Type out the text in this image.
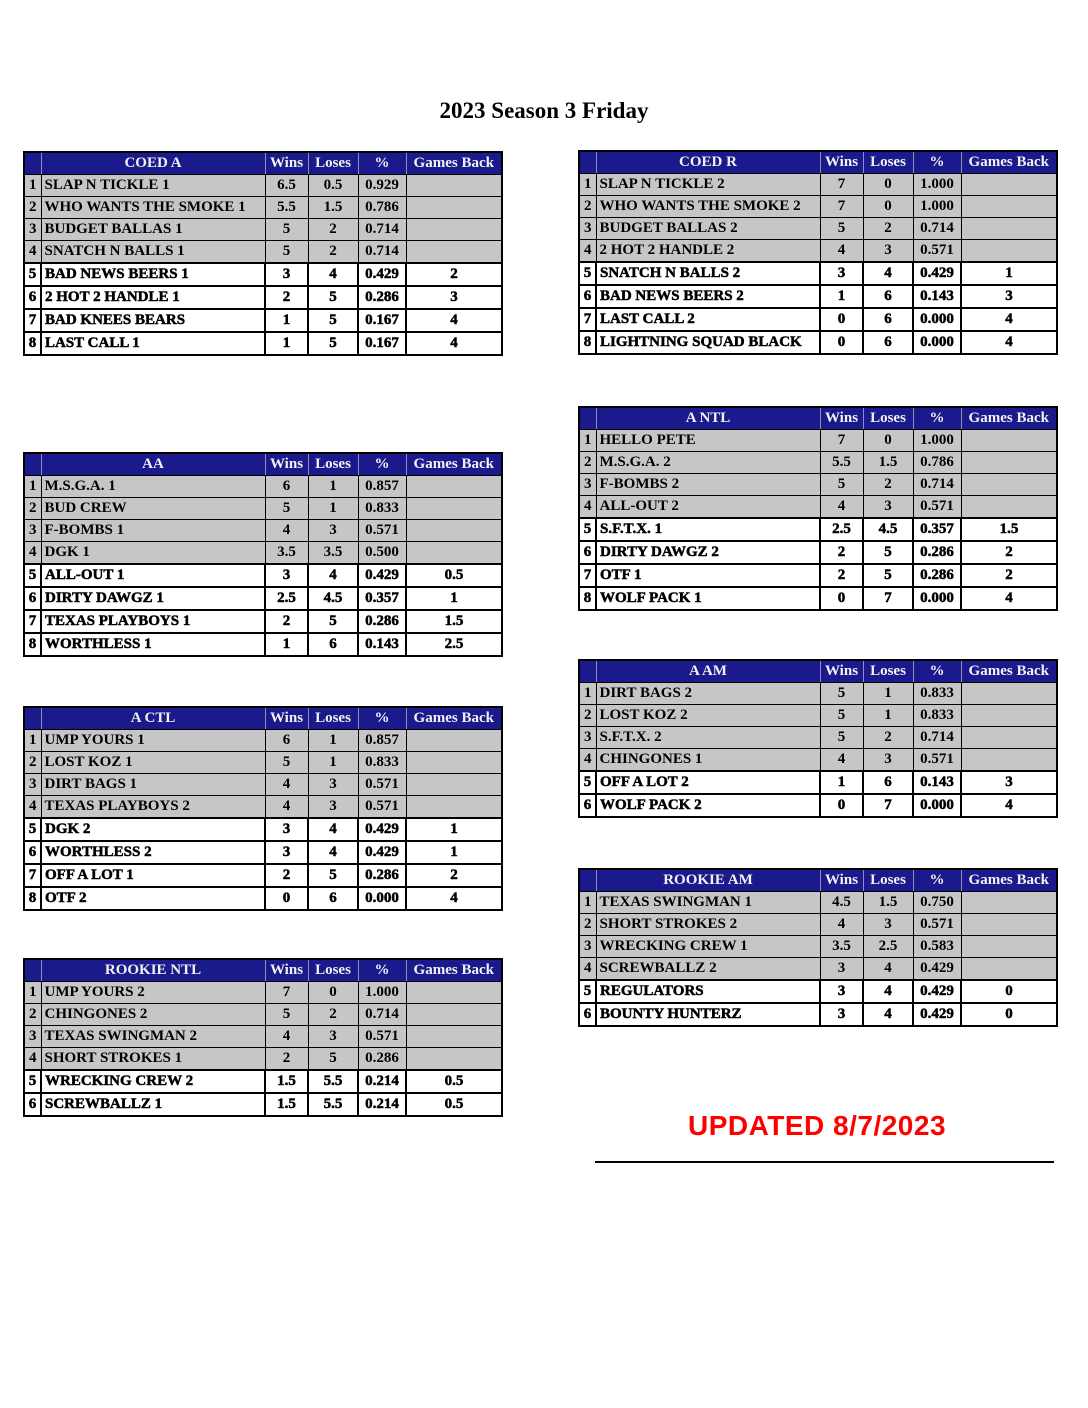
2023 Season 3 Friday
	COED A	Wins	Loses	%	Games Back
1	SLAP N TICKLE 1	6.5	0.5	0.929	
2	WHO WANTS THE SMOKE 1	5.5	1.5	0.786	
3	BUDGET BALLAS 1	5	2	0.714	
4	SNATCH N BALLS 1	5	2	0.714	
5	BAD NEWS BEERS 1	3	4	0.429	2
6	2 HOT 2 HANDLE 1	2	5	0.286	3
7	BAD KNEES BEARS	1	5	0.167	4
8	LAST CALL 1	1	5	0.167	4
	COED R	Wins	Loses	%	Games Back
1	SLAP N TICKLE 2	7	0	1.000	
2	WHO WANTS THE SMOKE 2	7	0	1.000	
3	BUDGET BALLAS 2	5	2	0.714	
4	2 HOT 2 HANDLE 2	4	3	0.571	
5	SNATCH N BALLS 2	3	4	0.429	1
6	BAD NEWS BEERS 2	1	6	0.143	3
7	LAST CALL 2	0	6	0.000	4
8	LIGHTNING SQUAD BLACK	0	6	0.000	4
	AA	Wins	Loses	%	Games Back
1	M.S.G.A. 1	6	1	0.857	
2	BUD CREW	5	1	0.833	
3	F-BOMBS 1	4	3	0.571	
4	DGK 1	3.5	3.5	0.500	
5	ALL-OUT 1	3	4	0.429	0.5
6	DIRTY DAWGZ 1	2.5	4.5	0.357	1
7	TEXAS PLAYBOYS 1	2	5	0.286	1.5
8	WORTHLESS 1	1	6	0.143	2.5
	A NTL	Wins	Loses	%	Games Back
1	HELLO PETE	7	0	1.000	
2	M.S.G.A. 2	5.5	1.5	0.786	
3	F-BOMBS 2	5	2	0.714	
4	ALL-OUT 2	4	3	0.571	
5	S.F.T.X. 1	2.5	4.5	0.357	1.5
6	DIRTY DAWGZ 2	2	5	0.286	2
7	OTF 1	2	5	0.286	2
8	WOLF PACK 1	0	7	0.000	4
	A CTL	Wins	Loses	%	Games Back
1	UMP YOURS 1	6	1	0.857	
2	LOST KOZ 1	5	1	0.833	
3	DIRT BAGS 1	4	3	0.571	
4	TEXAS PLAYBOYS 2	4	3	0.571	
5	DGK 2	3	4	0.429	1
6	WORTHLESS 2	3	4	0.429	1
7	OFF A LOT 1	2	5	0.286	2
8	OTF 2	0	6	0.000	4
	A AM	Wins	Loses	%	Games Back
1	DIRT BAGS 2	5	1	0.833	
2	LOST KOZ 2	5	1	0.833	
3	S.F.T.X. 2	5	2	0.714	
4	CHINGONES 1	4	3	0.571	
5	OFF A LOT 2	1	6	0.143	3
6	WOLF PACK 2	0	7	0.000	4
	ROOKIE NTL	Wins	Loses	%	Games Back
1	UMP YOURS 2	7	0	1.000	
2	CHINGONES 2	5	2	0.714	
3	TEXAS SWINGMAN 2	4	3	0.571	
4	SHORT STROKES 1	2	5	0.286	
5	WRECKING CREW 2	1.5	5.5	0.214	0.5
6	SCREWBALLZ 1	1.5	5.5	0.214	0.5
	ROOKIE AM	Wins	Loses	%	Games Back
1	TEXAS SWINGMAN 1	4.5	1.5	0.750	
2	SHORT STROKES 2	4	3	0.571	
3	WRECKING CREW 1	3.5	2.5	0.583	
4	SCREWBALLZ 2	3	4	0.429	
5	REGULATORS	3	4	0.429	0
6	BOUNTY HUNTERZ	3	4	0.429	0
UPDATED 8/7/2023
